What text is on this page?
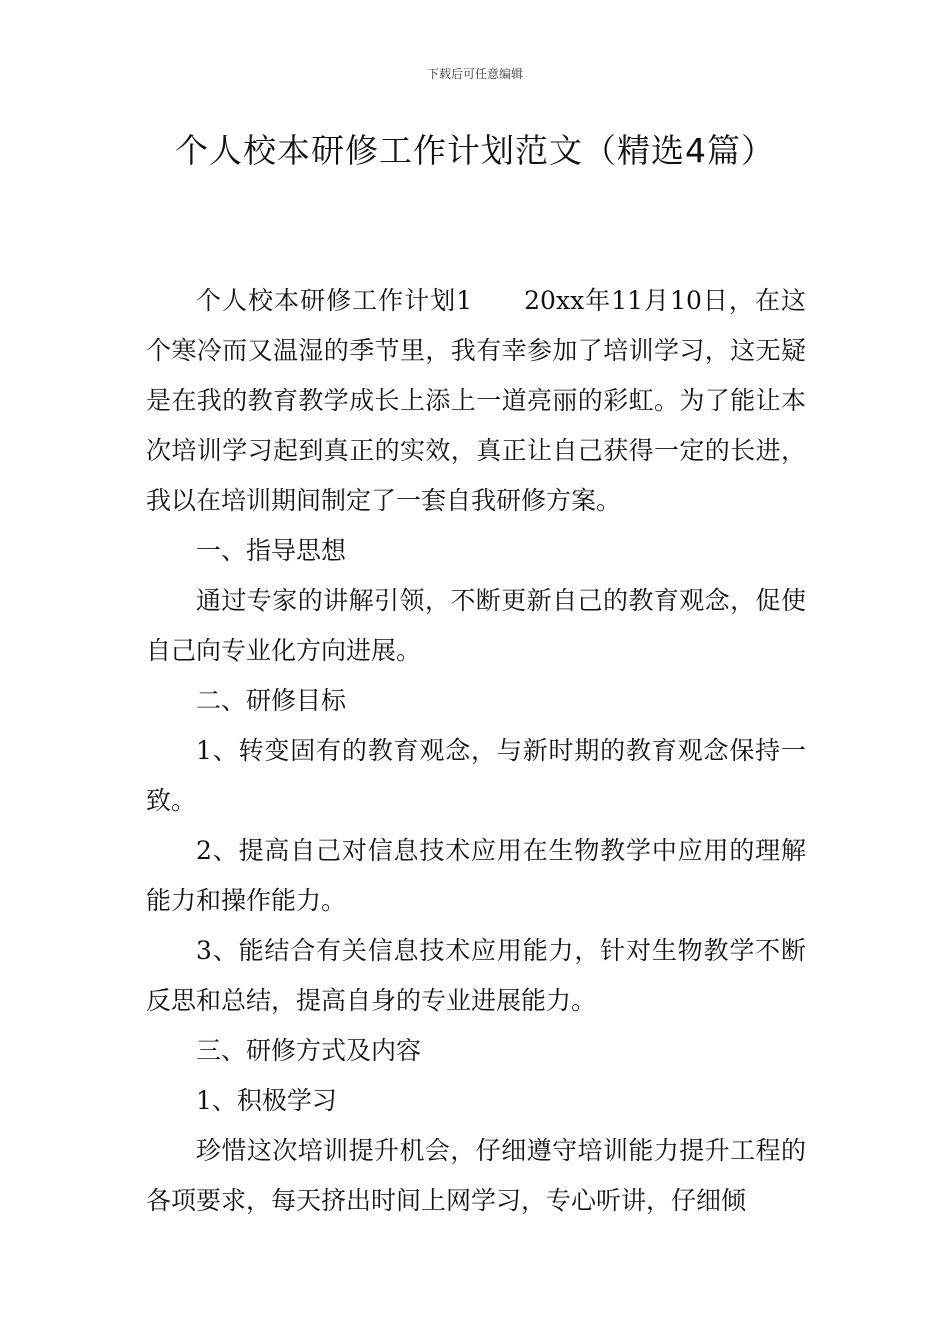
下载后可任意编辑
个人校本研修工作计划范文（精选4篇）

个人校本研修工作计划1 20xx年11月10日，在这个寒冷而又温湿的季节里，我有幸参加了培训学习，这无疑是在我的教育教学成长上添上一道亮丽的彩虹。为了能让本次培训学习起到真正的实效，真正让自己获得一定的长进，我以在培训期间制定了一套自我研修方案。

一、指导思想

通过专家的讲解引领，不断更新自己的教育观念，促使自己向专业化方向进展。

二、研修目标

1、转变固有的教育观念，与新时期的教育观念保持一致。

2、提高自己对信息技术应用在生物教学中应用的理解能力和操作能力。

3、能结合有关信息技术应用能力，针对生物教学不断反思和总结，提高自身的专业进展能力。

三、研修方式及内容

1、积极学习

珍惜这次培训提升机会，仔细遵守培训能力提升工程的各项要求，每天挤出时间上网学习，专心听讲，仔细倾
